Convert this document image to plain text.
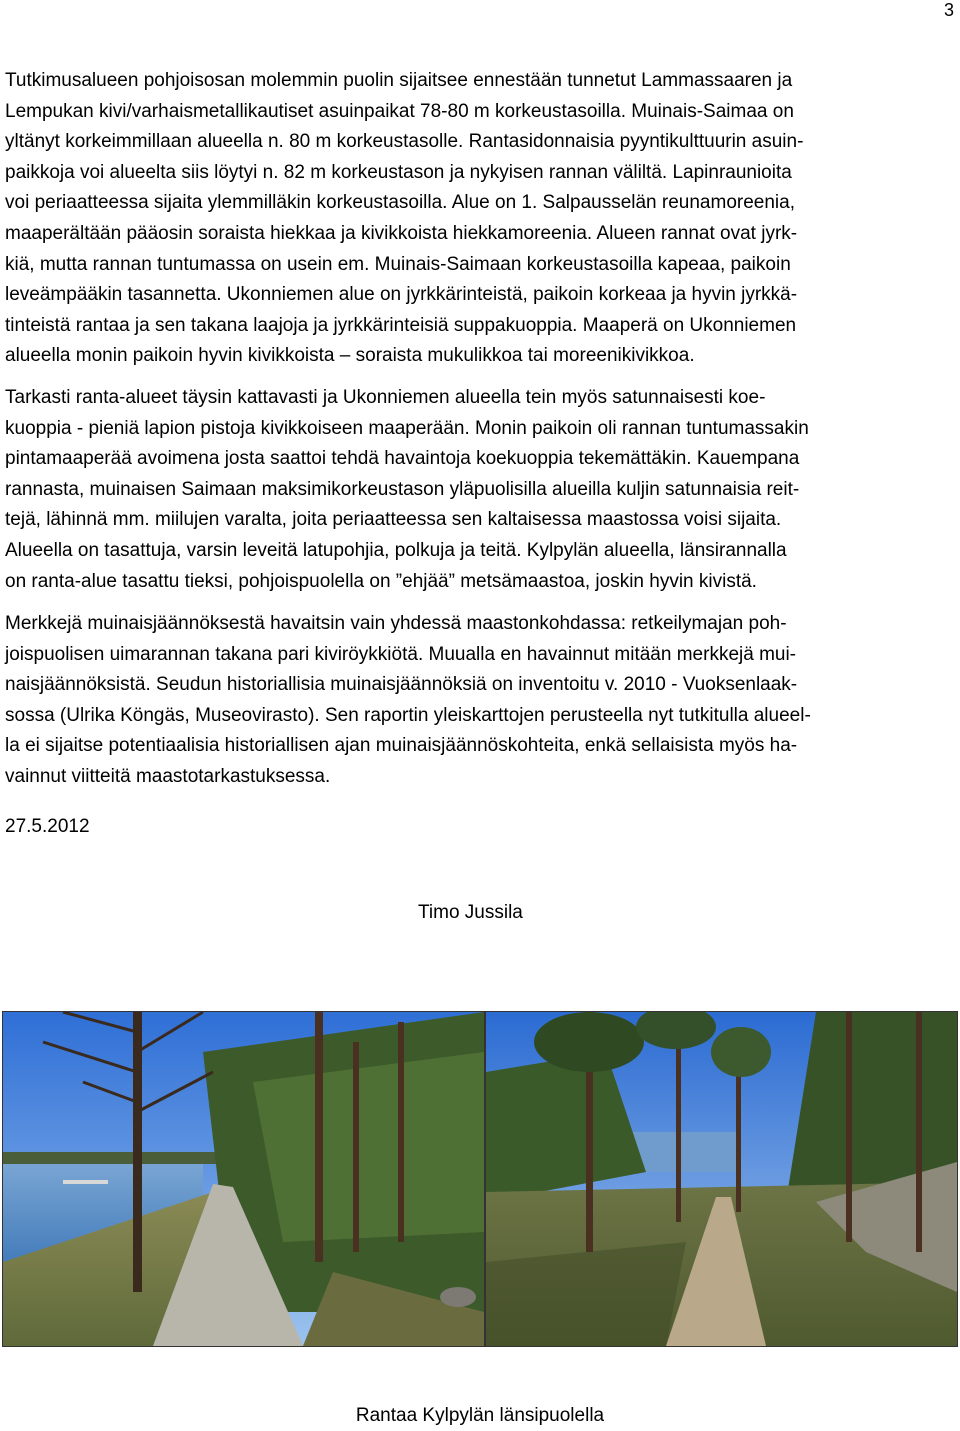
3
Tutkimusalueen pohjoisosan molemmin puolin sijaitsee ennestään tunnetut Lammassaaren ja
Lempukan kivi/varhaismetallikautiset asuinpaikat 78-80 m korkeustasoilla. Muinais-Saimaa on
yltänyt korkeimmillaan alueella n. 80 m korkeustasolle. Rantasidonnaisia pyyntikulttuurin asuin-
paikkoja voi alueelta siis löytyi n. 82 m korkeustason ja nykyisen rannan väliltä. Lapinraunioita
voi periaatteessa sijaita ylemmilläkin korkeustasoilla. Alue on 1. Salpausselän reunamoreenia,
maaperältään pääosin soraista hiekkaa ja kivikkoista hiekkamoreenia. Alueen rannat ovat jyrk-
kiä, mutta rannan tuntumassa on usein em. Muinais-Saimaan korkeustasoilla kapeaa, paikoin
leveämpääkin tasannetta. Ukonniemen alue on jyrkkärinteistä, paikoin korkeaa ja hyvin jyrkkä-
tinteistä rantaa ja sen takana laajoja ja jyrkkärinteisiä suppakuoppia. Maaperä on Ukonniemen
alueella monin paikoin hyvin kivikkoista – soraista mukulikkoa tai moreenikivikkoa.
Tarkasti ranta-alueet täysin kattavasti ja Ukonniemen alueella tein myös satunnaisesti koe-
kuoppia - pieniä lapion pistoja kivikkoiseen maaperään. Monin paikoin oli rannan tuntumassakin
pintamaaperää avoimena josta saattoi tehdä havaintoja koekuoppia tekemättäkin. Kauempana
rannasta, muinaisen Saimaan maksimikorkeustason yläpuolisilla alueilla kuljin satunnaisia reit-
tejä, lähinnä mm. miilujen varalta, joita periaatteessa sen kaltaisessa maastossa voisi sijaita.
Alueella on tasattuja, varsin leveitä latupohjia, polkuja ja teitä. Kylpylän alueella, länsirannalla
on ranta-alue tasattu tieksi, pohjoispuolella on ”ehjää” metsämaastoa, joskin hyvin kivistä.
Merkkejä muinaisjäännöksestä havaitsin vain yhdessä maastonkohdassa: retkeilymajan poh-
joispuolisen uimarannan takana pari kiviröykkiötä. Muualla en havainnut mitään merkkejä mui-
naisjäännöksistä. Seudun historiallisia muinaisjäännöksiä on inventoitu v. 2010 - Vuoksenlaak-
sossa (Ulrika Köngäs, Museovirasto). Sen raportin yleiskarttojen perusteella nyt tutkitulla alueel-
la ei sijaitse potentiaalisia historiallisen ajan muinaisjäännöskohteita, enkä sellaisista myös ha-
vainnut viitteitä maastotarkastuksessa.
27.5.2012
Timo Jussila
Rantaa Kylpylän länsipuolella
